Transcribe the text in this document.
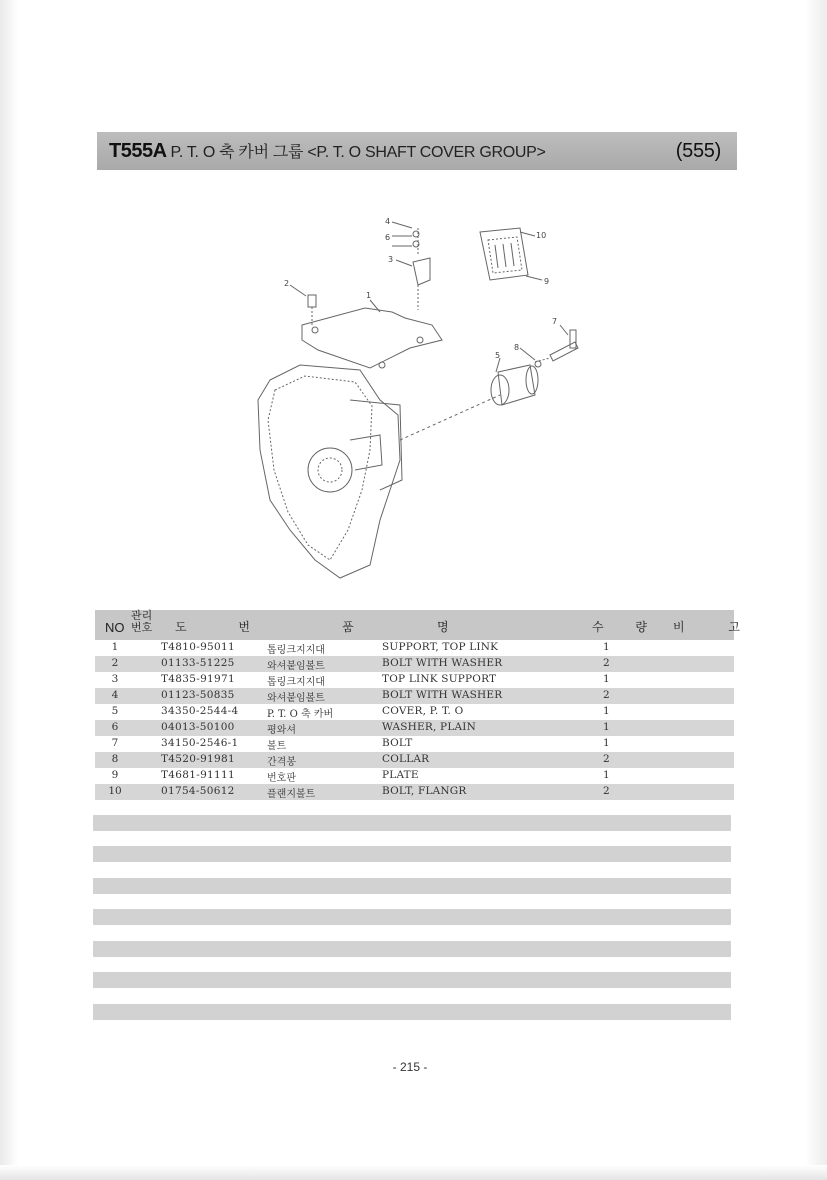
T555A P. T. O 축 카버 그룹 <P. T. O SHAFT COVER GROUP>	(555)
1
2
3
4
5
6
7
8
9
10
NO
관리
번호 도 번	품	명	수 량 비 고
1	T4810-95011	톱링크지지대	SUPPORT, TOP LINK	1
2	01133-51225	와셔붙임볼트	BOLT WITH WASHER	2
3	T4835-91971	톱링크지지대	TOP LINK SUPPORT	1
4	01123-50835	와셔붙임볼트	BOLT WITH WASHER	2
5	34350-2544-4	P. T. O 축 카버	COVER, P. T. O	1
6	04013-50100	평와셔	WASHER, PLAIN	1
7	34150-2546-1	볼트	BOLT	1
8	T4520-91981	간격봉	COLLAR	2
9	T4681-91111	번호판	PLATE	1
10	01754-50612	플랜지볼트	BOLT, FLANGR	2
- 215 -
